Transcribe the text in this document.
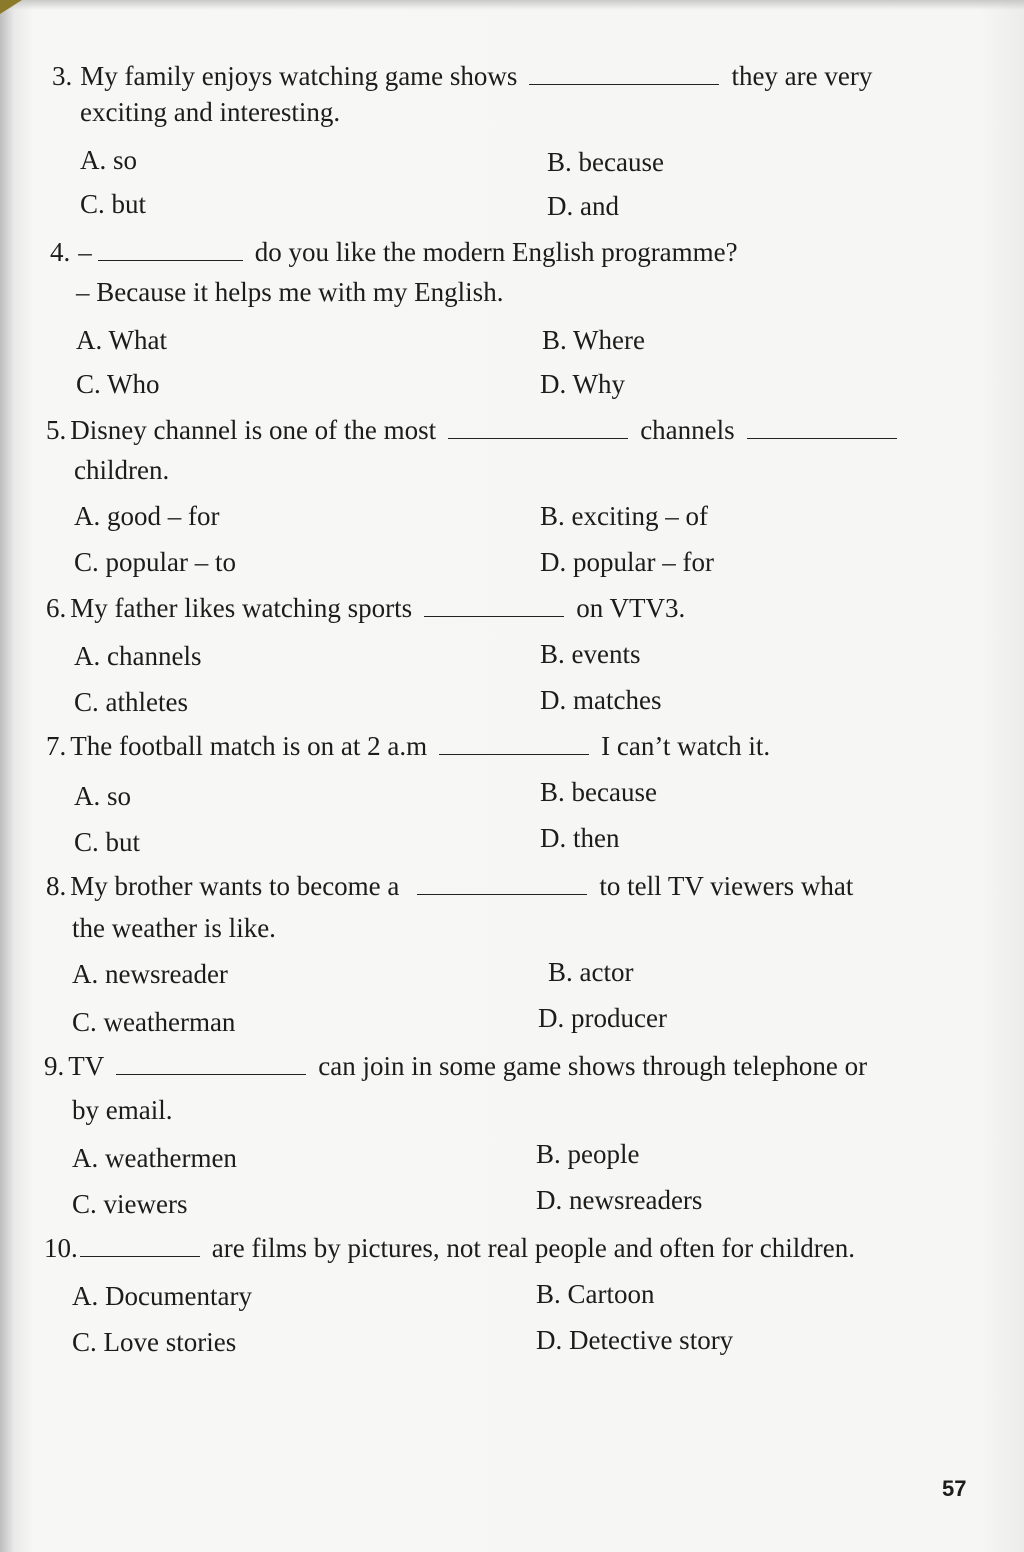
3. My family enjoys watching game shows	they are very
exciting and interesting.
A. so	B. because
C. but	D. and
4. –	do you like the modern English programme?
– Because it helps me with my English.
A. What	B. Where
C. Who	D. Why
5. Disney channel is one of the most	channels
children.
A. good – for	B. exciting – of
C. popular – to	D. popular – for
6. My father likes watching sports	on VTV3.
A. channels	B. events
C. athletes	D. matches
7. The football match is on at 2 a.m	I can’t watch it.
A. so	B. because
C. but	D. then
8. My brother wants to become a	to tell TV viewers what
the weather is like.
A. newsreader	B. actor
C. weatherman	D. producer
9. TV	can join in some game shows through telephone or
by email.
A. weathermen	B. people
C. viewers	D. newsreaders
10.	are films by pictures, not real people and often for children.
A. Documentary	B. Cartoon
C. Love stories	D. Detective story
57
